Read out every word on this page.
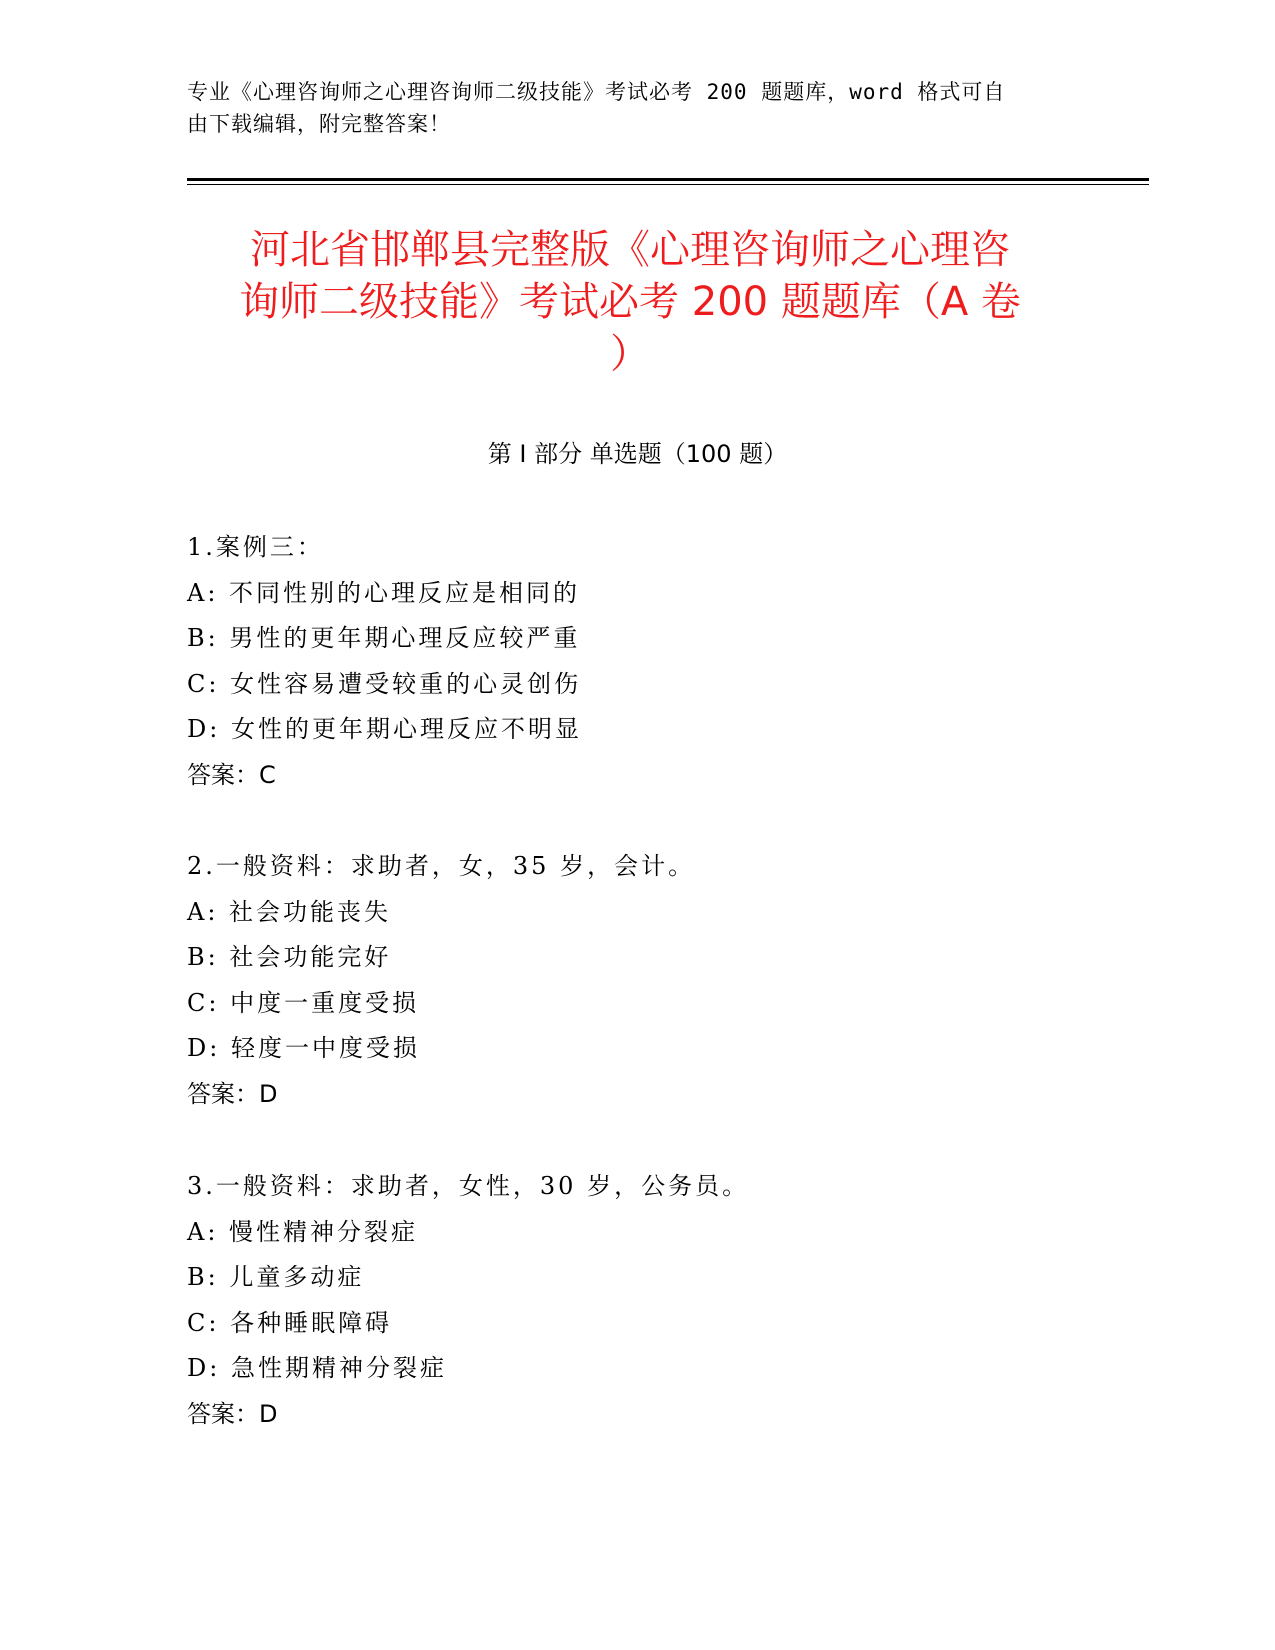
专业《心理咨询师之心理咨询师二级技能》考试必考 200 题题库，word 格式可自
由下载编辑，附完整答案！
河北省邯郸县完整版《心理咨询师之心理咨
询师二级技能》考试必考 200 题题库（A 卷
）
第 I 部分 单选题（100 题）
1.案例三：
A: 不同性别的心理反应是相同的
B: 男性的更年期心理反应较严重
C: 女性容易遭受较重的心灵创伤
D: 女性的更年期心理反应不明显
答案：C
2.一般资料：求助者，女，35 岁，会计。
A: 社会功能丧失
B: 社会功能完好
C: 中度一重度受损
D: 轻度一中度受损
答案：D
3.一般资料：求助者，女性，30 岁，公务员。
A: 慢性精神分裂症
B: 儿童多动症
C: 各种睡眠障碍
D: 急性期精神分裂症
答案：D
